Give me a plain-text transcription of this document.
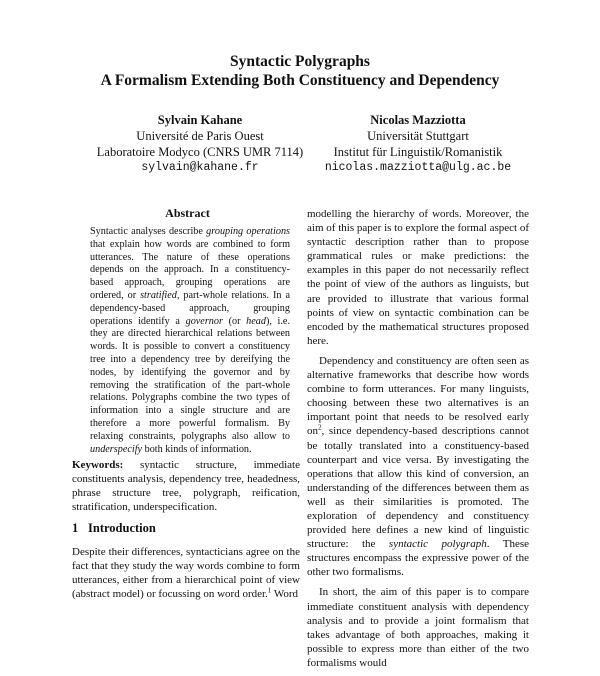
Syntactic Polygraphs
A Formalism Extending Both Constituency and Dependency
Sylvain Kahane
Université de Paris Ouest
Laboratoire Modyco (CNRS UMR 7114)
sylvain@kahane.fr
Nicolas Mazziotta
Universität Stuttgart
Institut für Linguistik/Romanistik
nicolas.mazziotta@ulg.ac.be
Abstract

Syntactic analyses describe grouping operations that explain how words are combined to form utterances. The nature of these operations depends on the approach. In a constituency-based approach, grouping operations are ordered, or stratified, part-whole relations. In a dependency-based approach, grouping operations identify a governor (or head), i.e. they are directed hierarchical relations between words. It is possible to convert a constituency tree into a dependency tree by dereifying the nodes, by identifying the governor and by removing the stratification of the part-whole relations. Polygraphs combine the two types of information into a single structure and are therefore a more powerful formalism. By relaxing constraints, polygraphs also allow to underspecify both kinds of information.

Keywords: syntactic structure, immediate constituents analysis, dependency tree, headedness, phrase structure tree, polygraph, reification, stratification, underspecification.

1 Introduction

Despite their differences, syntacticians agree on the fact that they study the way words combine to form utterances, either from a hierarchical point of view (abstract model) or focussing on word order.$^1$ Word

modelling the hierarchy of words. Moreover, the aim of this paper is to explore the formal aspect of syntactic description rather than to propose grammatical rules or make predictions: the examples in this paper do not necessarily reflect the point of view of the authors as linguists, but are provided to illustrate that various formal points of view on syntactic combination can be encoded by the mathematical structures proposed here.

Dependency and constituency are often seen as alternative frameworks that describe how words combine to form utterances. For many linguists, choosing between these two alternatives is an important point that needs to be resolved early $on^2$, since dependency-based descriptions cannot be totally translated into a constituency-based counterpart and vice versa. By investigating the operations that allow this kind of conversion, an understanding of the differences between them as well as their similarities is promoted. The exploration of dependency and constituency provided here defines a new kind of linguistic structure: the syntactic polygraph. These structures encompass the expressive power of the other two formalisms.

In short, the aim of this paper is to compare immediate constituent analysis with dependency analysis and to provide a joint formalism that takes advantage of both approaches, making it possible to express more than either of the two formalisms would
